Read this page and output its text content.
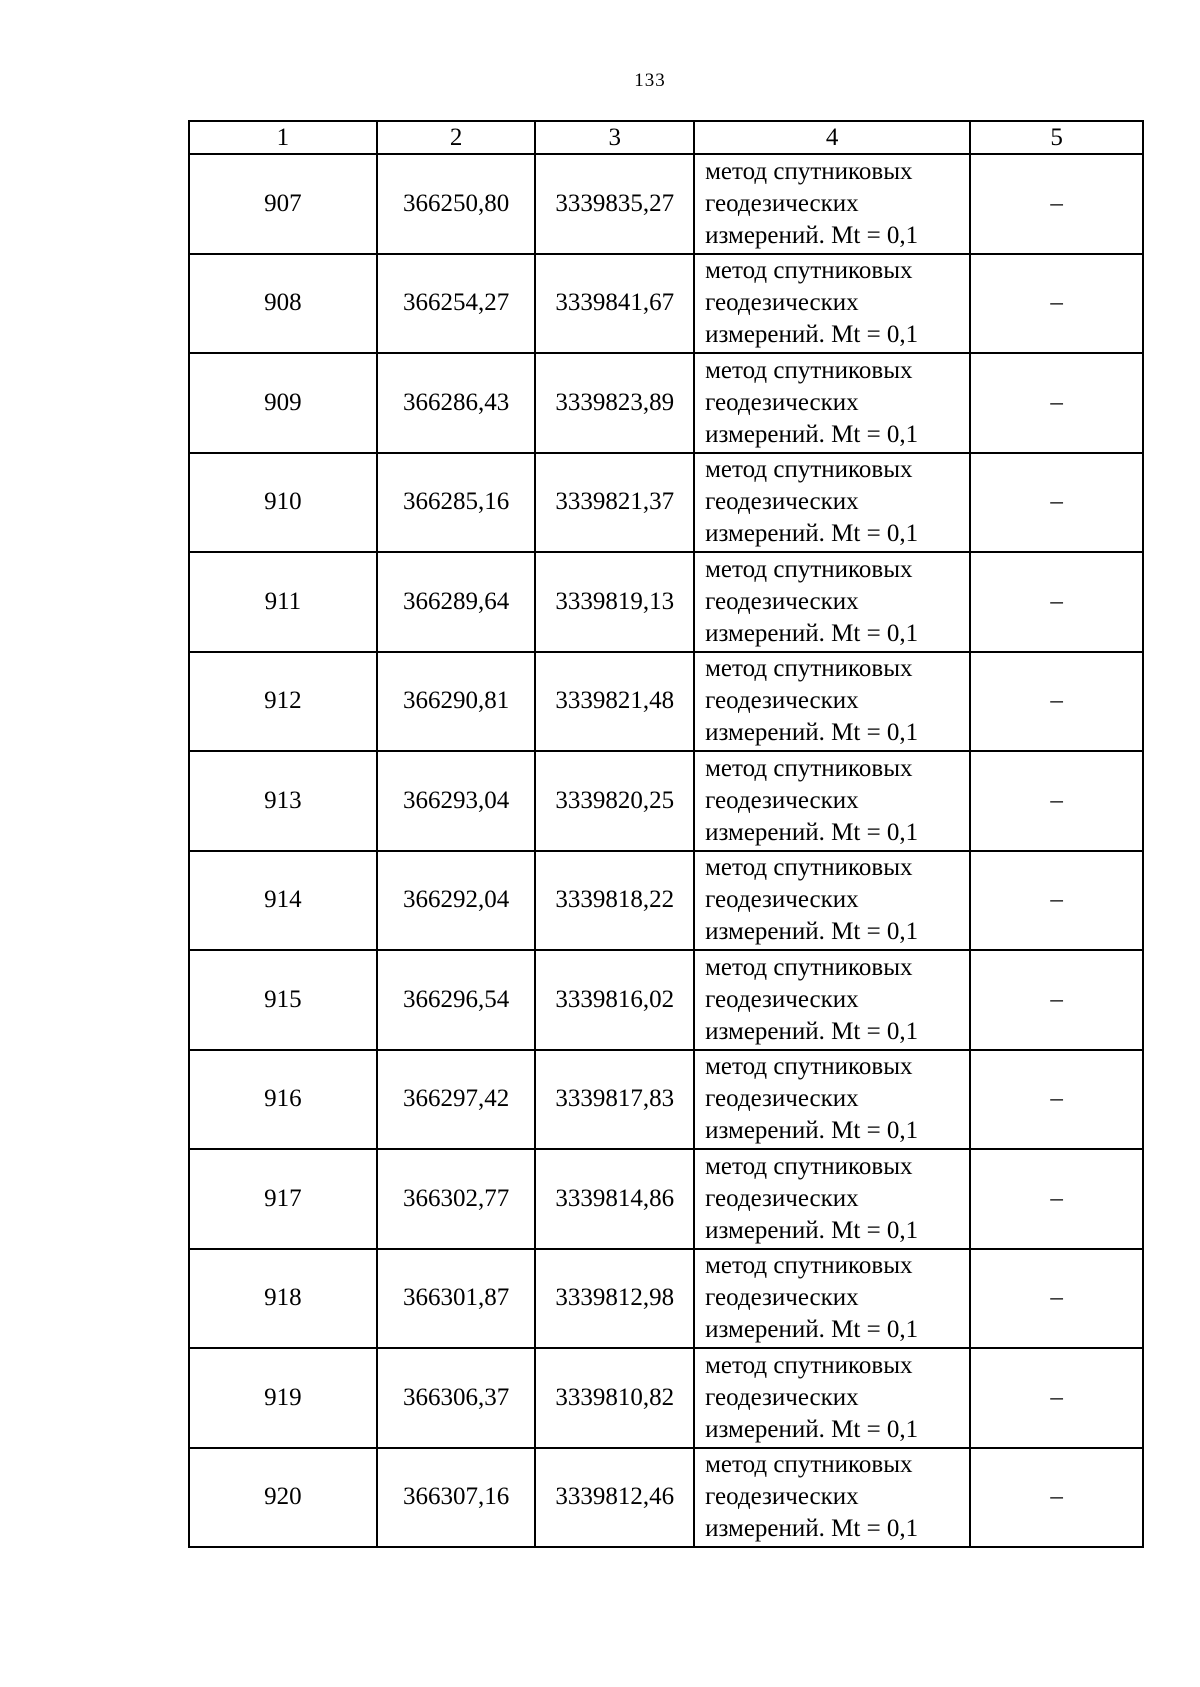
133
1	2	3	4	5
907	366250,80	3339835,27	метод спутниковых
геодезических
измерений. Mt = 0,1	–
908	366254,27	3339841,67	метод спутниковых
геодезических
измерений. Mt = 0,1	–
909	366286,43	3339823,89	метод спутниковых
геодезических
измерений. Mt = 0,1	–
910	366285,16	3339821,37	метод спутниковых
геодезических
измерений. Mt = 0,1	–
911	366289,64	3339819,13	метод спутниковых
геодезических
измерений. Mt = 0,1	–
912	366290,81	3339821,48	метод спутниковых
геодезических
измерений. Mt = 0,1	–
913	366293,04	3339820,25	метод спутниковых
геодезических
измерений. Mt = 0,1	–
914	366292,04	3339818,22	метод спутниковых
геодезических
измерений. Mt = 0,1	–
915	366296,54	3339816,02	метод спутниковых
геодезических
измерений. Mt = 0,1	–
916	366297,42	3339817,83	метод спутниковых
геодезических
измерений. Mt = 0,1	–
917	366302,77	3339814,86	метод спутниковых
геодезических
измерений. Mt = 0,1	–
918	366301,87	3339812,98	метод спутниковых
геодезических
измерений. Mt = 0,1	–
919	366306,37	3339810,82	метод спутниковых
геодезических
измерений. Mt = 0,1	–
920	366307,16	3339812,46	метод спутниковых
геодезических
измерений. Mt = 0,1	–
